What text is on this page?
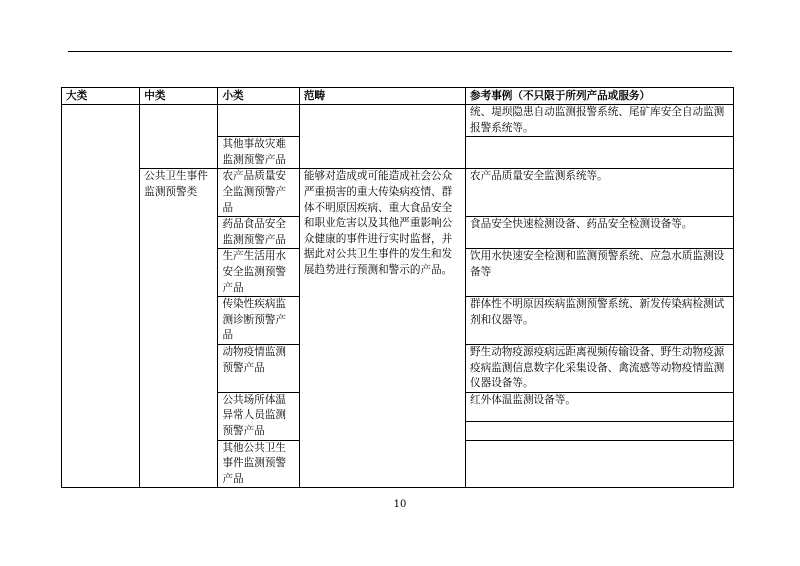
大类	中类	小类	范畴	参考事例（不只限于所列产品或服务）
				统、堤坝隐患自动监测报警系统、尾矿库安全自动监测报警系统等。
		其他事故灾难监测预警产品		
	公共卫生事件监测预警类	农产品质量安全监测预警产品	能够对造成或可能造成社会公众严重损害的重大传染病疫情、群体不明原因疾病、重大食品安全和职业危害以及其他严重影响公众健康的事件进行实时监督，并据此对公共卫生事件的发生和发展趋势进行预测和警示的产品。	农产品质量安全监测系统等。
		药品食品安全监测预警产品		食品安全快速检测设备、药品安全检测设备等。
		生产生活用水安全监测预警产品		饮用水快速安全检测和监测预警系统、应急水质监测设备等
		传染性疾病监测诊断预警产品		群体性不明原因疾病监测预警系统、新发传染病检测试剂和仪器等。
		动物疫情监测预警产品		野生动物疫源疫病远距离视频传输设备、野生动物疫源疫病监测信息数字化采集设备、禽流感等动物疫情监测仪器设备等。
		公共场所体温异常人员监测预警产品		红外体温监测设备等。

		其他公共卫生事件监测预警产品		
10
